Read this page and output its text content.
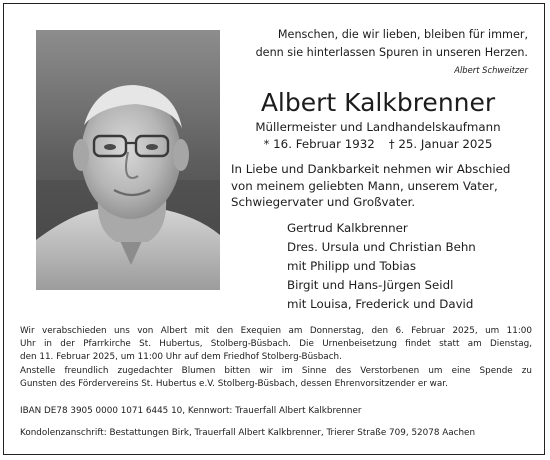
Menschen, die wir lieben, bleiben für immer,
denn sie hinterlassen Spuren in unseren Herzen.
Albert Schweitzer
Albert Kalkbrenner
Müllermeister und Landhandelskaufmann
* 16. Februar 1932 † 25. Januar 2025
In Liebe und Dankbarkeit nehmen wir Abschied
von meinem geliebten Mann, unserem Vater,
Schwiegervater und Großvater.
Gertrud Kalkbrenner
Dres. Ursula und Christian Behn
mit Philipp und Tobias
Birgit und Hans-Jürgen Seidl
mit Louisa, Frederick und David
Wir verabschieden uns von Albert mit den Exequien am Donnerstag, den 6. Februar 2025, um 11:00
Uhr in der Pfarrkirche St. Hubertus, Stolberg-Büsbach. Die Urnenbeisetzung findet statt am Dienstag,
den 11. Februar 2025, um 11:00 Uhr auf dem Friedhof Stolberg-Büsbach.
Anstelle freundlich zugedachter Blumen bitten wir im Sinne des Verstorbenen um eine Spende zu
Gunsten des Fördervereins St. Hubertus e.V. Stolberg-Büsbach, dessen Ehrenvorsitzender er war.
IBAN DE78 3905 0000 1071 6445 10, Kennwort: Trauerfall Albert Kalkbrenner
Kondolenzanschrift: Bestattungen Birk, Trauerfall Albert Kalkbrenner, Trierer Straße 709, 52078 Aachen
